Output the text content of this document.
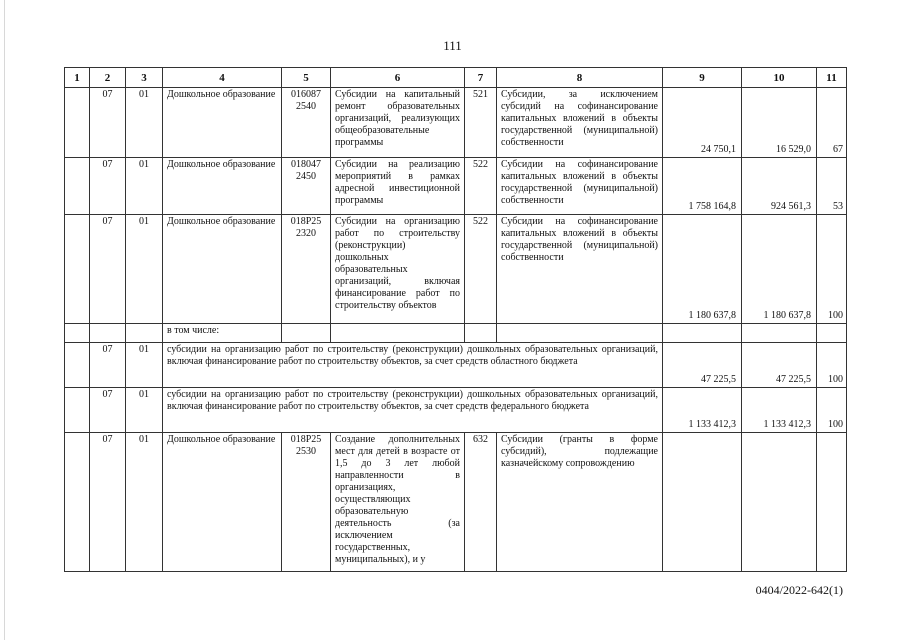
111
1	2	3	4	5	6	7	8	9	10	11
	07	01	Дошкольное образование	016087 2540	Субсидии на капитальный ремонт образовательных организаций, реализующих общеобразовательные программы	521	Субсидии, за исключением субсидий на софинансирование капитальных вложений в объекты государственной (муниципальной) собственности	24 750,1	16 529,0	67
	07	01	Дошкольное образование	018047 2450	Субсидии на реализацию мероприятий в рамках адресной инвестиционной программы	522	Субсидии на софинансирование капитальных вложений в объекты государственной (муниципальной) собственности	1 758 164,8	924 561,3	53
	07	01	Дошкольное образование	018P25 2320	Субсидии на организацию работ по строительству (реконструкции) дошкольных образовательных организаций, включая финансирование работ по строительству объектов	522	Субсидии на софинансирование капитальных вложений в объекты государственной (муниципальной) собственности	1 180 637,8	1 180 637,8	100
			в том числе:							
	07	01	субсидии на организацию работ по строительству (реконструкции) дошкольных образовательных организаций, включая финансирование работ по строительству объектов, за счет средств областного бюджета					47 225,5	47 225,5	100
	07	01	субсидии на организацию работ по строительству (реконструкции) дошкольных образовательных организаций, включая финансирование работ по строительству объектов, за счет средств федерального бюджета					1 133 412,3	1 133 412,3	100
	07	01	Дошкольное образование	018P25 2530	Создание дополнительных мест для детей в возрасте от 1,5 до 3 лет любой направленности в организациях, осуществляющих образовательную деятельность (за исключением государственных, муниципальных), и у	632	Субсидии (гранты в форме субсидий), подлежащие казначейскому сопровождению			
0404/2022-642(1)
